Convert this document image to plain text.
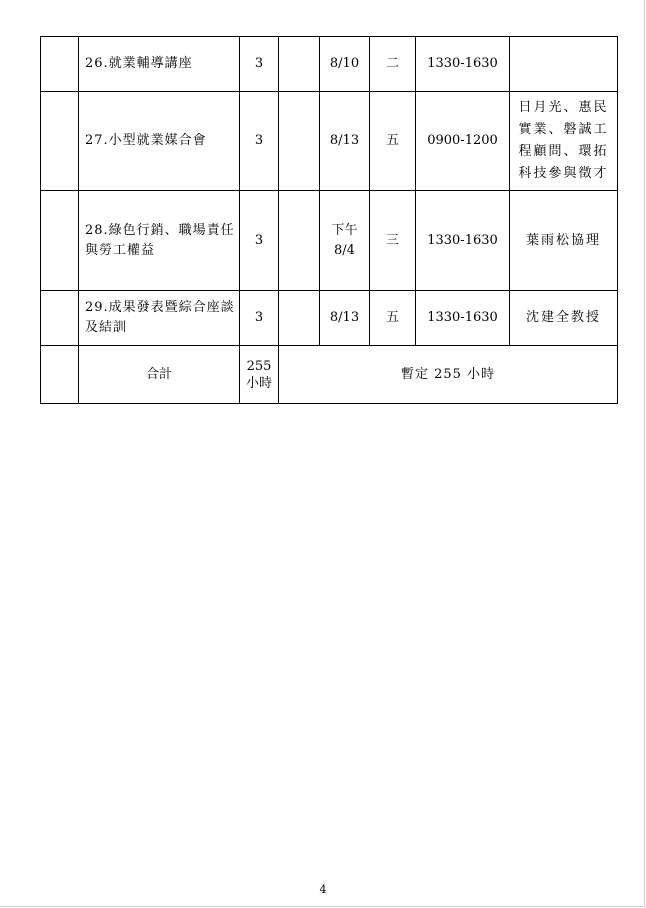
	26.就業輔導講座	3		8/10	二	1330-1630	
	27.小型就業媒合會	3		8/13	五	0900-1200	日月光、惠民實業、磐誠工程顧問、環拓科技參與徵才
	28.綠色行銷、職場責任與勞工權益	3		下午8/4	三	1330-1630	葉雨松協理
	29.成果發表暨綜合座談及結訓	3		8/13	五	1330-1630	沈建全教授
	合計	255小時	暫定 255 小時				
4
